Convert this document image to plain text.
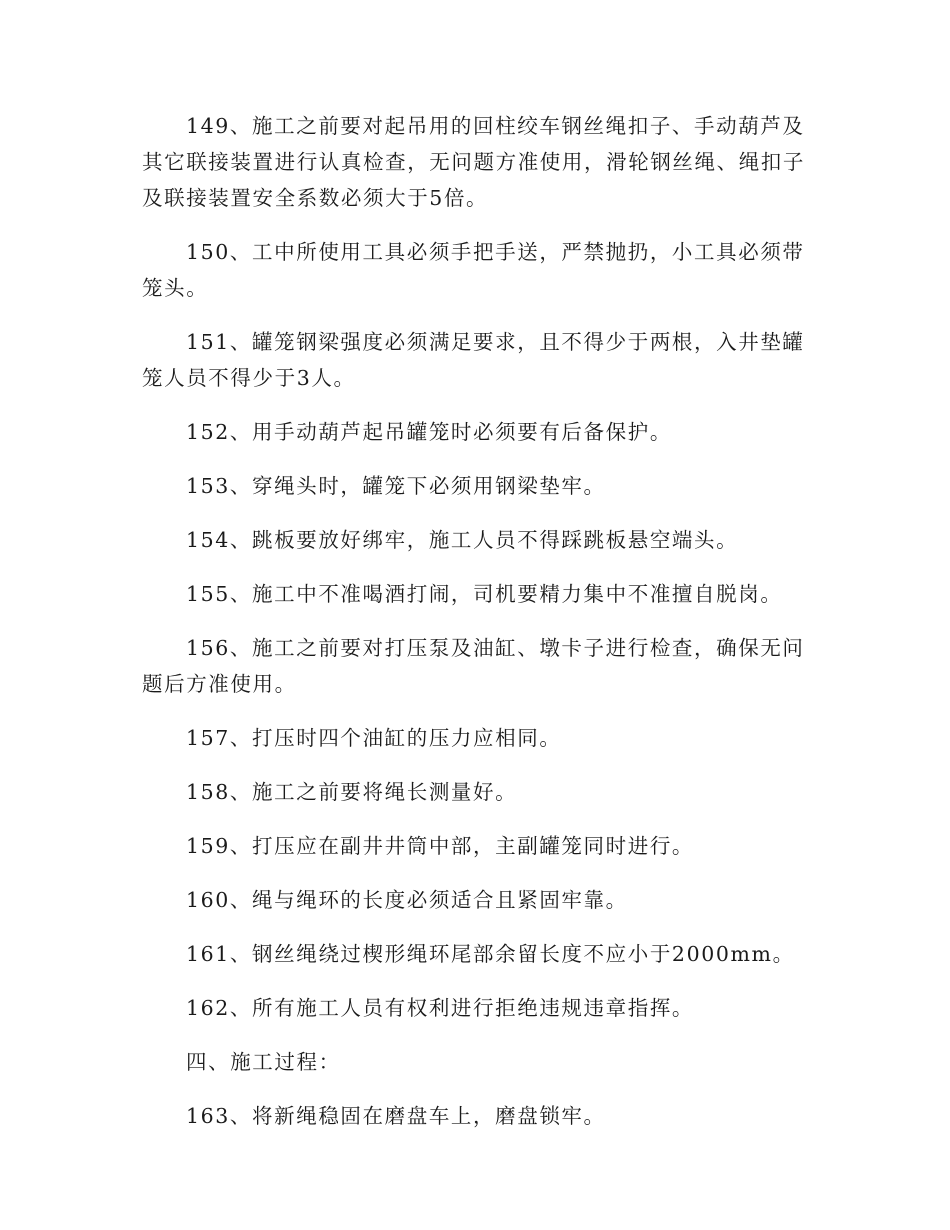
149、施工之前要对起吊用的回柱绞车钢丝绳扣子、手动葫芦及其它联接装置进行认真检查，无问题方准使用，滑轮钢丝绳、绳扣子及联接装置安全系数必须大于5倍。

150、工中所使用工具必须手把手送，严禁抛扔，小工具必须带笼头。

151、罐笼钢梁强度必须满足要求，且不得少于两根，入井垫罐笼人员不得少于3人。

152、用手动葫芦起吊罐笼时必须要有后备保护。

153、穿绳头时，罐笼下必须用钢梁垫牢。

154、跳板要放好绑牢，施工人员不得踩跳板悬空端头。

155、施工中不准喝酒打闹，司机要精力集中不准擅自脱岗。

156、施工之前要对打压泵及油缸、墩卡子进行检查，确保无问题后方准使用。

157、打压时四个油缸的压力应相同。

158、施工之前要将绳长测量好。

159、打压应在副井井筒中部，主副罐笼同时进行。

160、绳与绳环的长度必须适合且紧固牢靠。

161、钢丝绳绕过楔形绳环尾部余留长度不应小于2000mm。

162、所有施工人员有权利进行拒绝违规违章指挥。

四、施工过程：

163、将新绳稳固在磨盘车上，磨盘锁牢。
